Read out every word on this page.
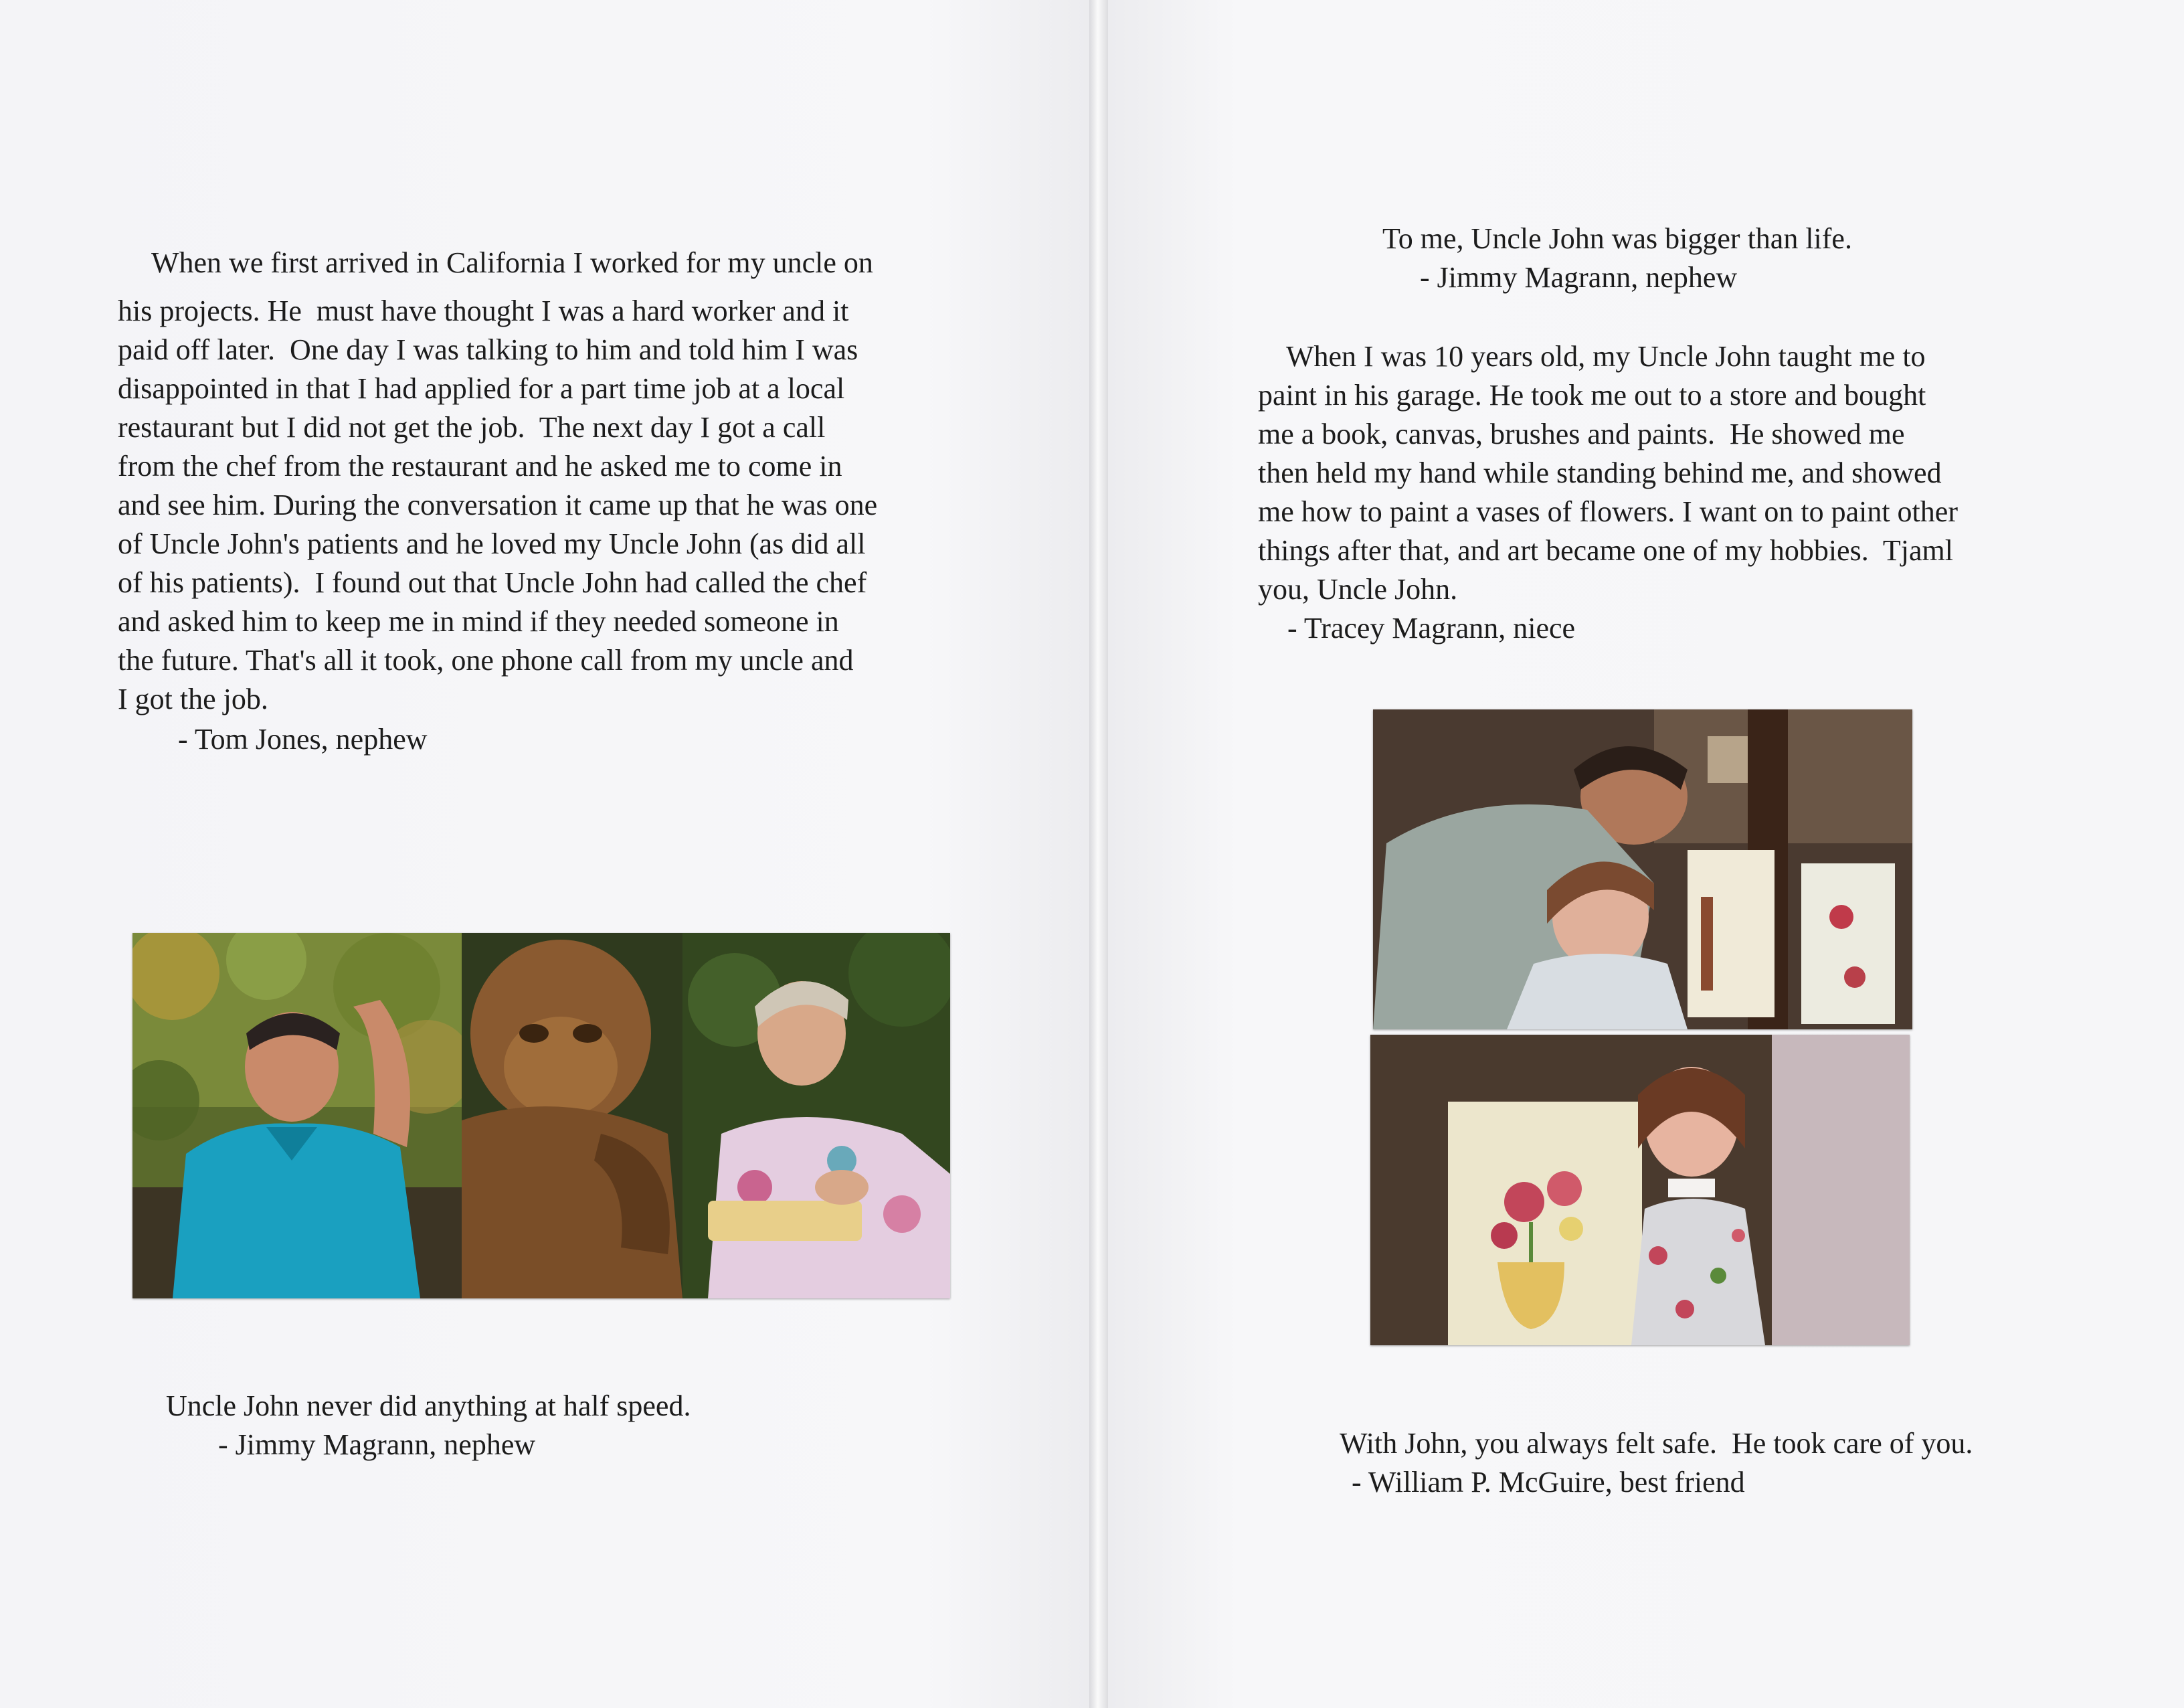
When we first arrived in California I worked for my uncle on
his projects. He  must have thought I was a hard worker and it
paid off later.  One day I was talking to him and told him I was
disappointed in that I had applied for a part time job at a local
restaurant but I did not get the job.  The next day I got a call
from the chef from the restaurant and he asked me to come in
and see him. During the conversation it came up that he was one
of Uncle John's patients and he loved my Uncle John (as did all
of his patients).  I found out that Uncle John had called the chef
and asked him to keep me in mind if they needed someone in
the future. That's all it took, one phone call from my uncle and
I got the job.
- Tom Jones, nephew
Uncle John never did anything at half speed.
- Jimmy Magrann, nephew
To me, Uncle John was bigger than life.
- Jimmy Magrann, nephew
When I was 10 years old, my Uncle John taught me to
paint in his garage. He took me out to a store and bought
me a book, canvas, brushes and paints.  He showed me
then held my hand while standing behind me, and showed
me how to paint a vases of flowers. I want on to paint other
things after that, and art became one of my hobbies.  Tjaml
you, Uncle John.
- Tracey Magrann, niece
With John, you always felt safe.  He took care of you.
- William P. McGuire, best friend
